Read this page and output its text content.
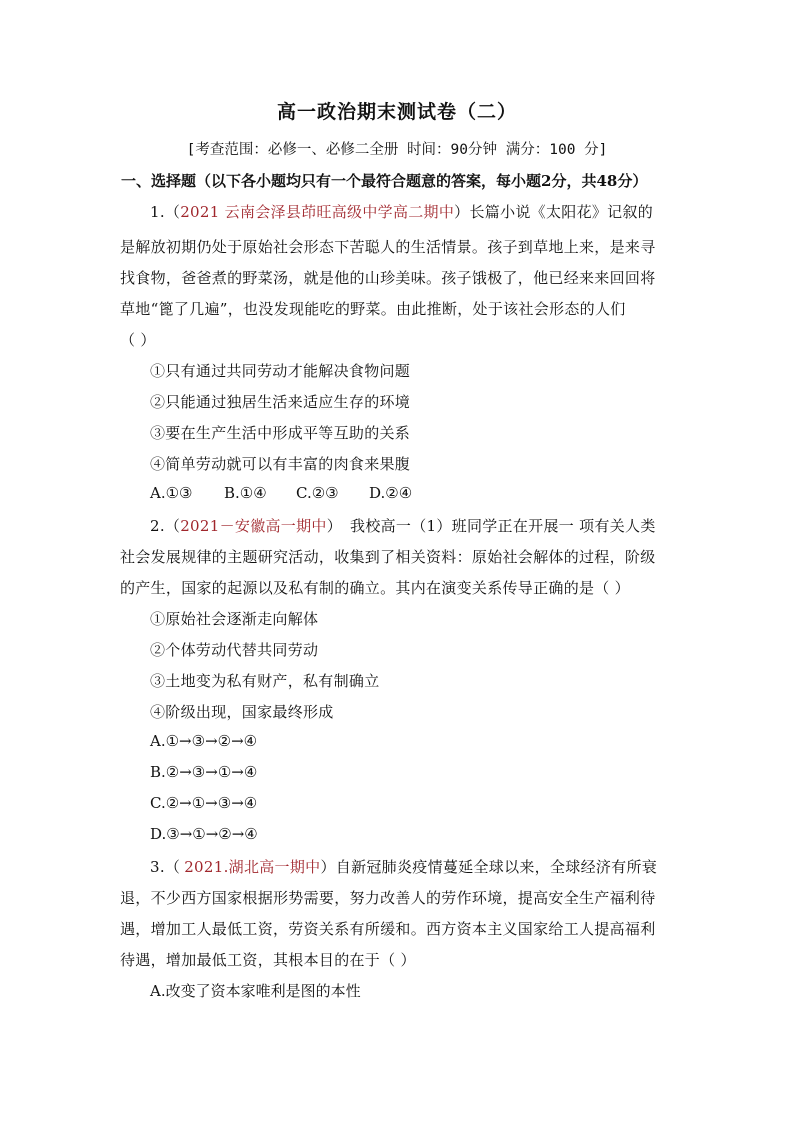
高一政治期末测试卷（二）
[考查范围：必修一、必修二全册 时间：90分钟 满分：100 分]
一、选择题（以下各小题均只有一个最符合题意的答案，每小题2分，共48分）
1.（2021 云南会泽县茚旺高级中学高二期中）长篇小说《太阳花》记叙的
是解放初期仍处于原始社会形态下苦聪人的生活情景。孩子到草地上来，是来寻
找食物，爸爸煮的野菜汤，就是他的山珍美味。孩子饿极了，他已经来来回回将
草地“篦了几遍”，也没发现能吃的野菜。由此推断，处于该社会形态的人们
（ ）
①只有通过共同劳动才能解决食物问题
②只能通过独居生活来适应生存的环境
③要在生产生活中形成平等互助的关系
④简单劳动就可以有丰富的肉食来果腹
A.①③ B.①④ C.②③ D.②④
2.（2021－安徽高一期中） 我校高一（1）班同学正在开展一 项有关人类
社会发展规律的主题研究活动，收集到了相关资料：原始社会解体的过程，阶级
的产生，国家的起源以及私有制的确立。其内在演变关系传导正确的是（ ）
①原始社会逐渐走向解体
②个体劳动代替共同劳动
③土地变为私有财产，私有制确立
④阶级出现，国家最终形成
A.①→③→②→④
B.②→③→①→④
C.②→①→③→④
D.③→①→②→④
3.（ 2021.湖北高一期中）自新冠肺炎疫情蔓延全球以来，全球经济有所衰
退，不少西方国家根据形势需要，努力改善人的劳作环境，提高安全生产福利待
遇，增加工人最低工资，劳资关系有所缓和。西方资本主义国家给工人提高福利
待遇，增加最低工资，其根本目的在于（ ）
A.改变了资本家唯利是图的本性
